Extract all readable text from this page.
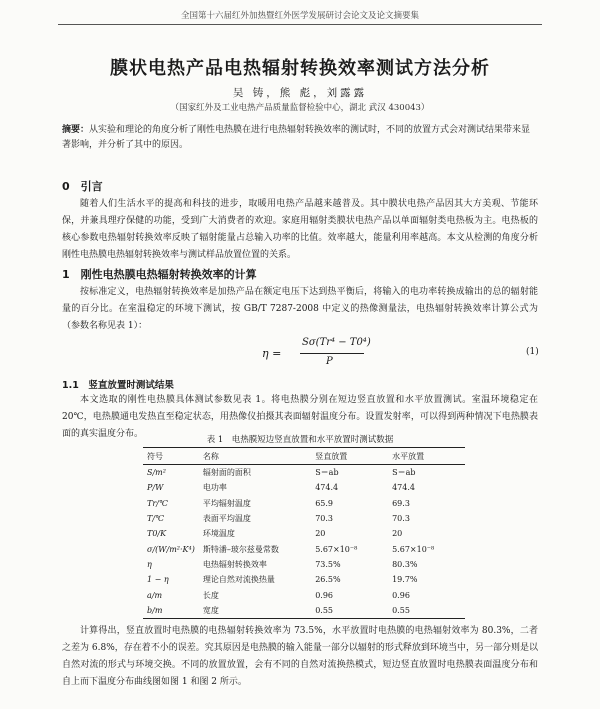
全国第十六届红外加热暨红外医学发展研讨会论文及论文摘要集
膜状电热产品电热辐射转换效率测试方法分析
吴 铸，熊 彪，刘露露
（国家红外及工业电热产品质量监督检验中心，湖北 武汉 430043）
摘要：从实验和理论的角度分析了刚性电热膜在进行电热辐射转换效率的测试时，不同的放置方式会对测试结果带来显著影响，并分析了其中的原因。
0　引言
随着人们生活水平的提高和科技的进步，取暖用电热产品越来越普及。其中膜状电热产品因其大方美观、节能环保，并兼具理疗保健的功能，受到广大消费者的欢迎。家庭用辐射类膜状电热产品以单面辐射类电热板为主。电热板的核心参数电热辐射转换效率反映了辐射能量占总输入功率的比值。效率越大，能量利用率越高。本文从检测的角度分析刚性电热膜电热辐射转换效率与测试样品放置位置的关系。
1　刚性电热膜电热辐射转换效率的计算
按标准定义，电热辐射转换效率是加热产品在额定电压下达到热平衡后，将输入的电功率转换成输出的总的辐射能量的百分比。在室温稳定的环境下测试，按 GB/T 7287-2008 中定义的热像测量法，电热辐射转换效率计算公式为（参数名称见表 1）：
η =
Sσ(Tr⁴ − T0⁴)
P
(1)
1.1　竖直放置时测试结果
本文选取的刚性电热膜具体测试参数见表 1。将电热膜分别在短边竖直放置和水平放置测试。室温环境稳定在 20℃，电热膜通电发热直至稳定状态，用热像仪拍摄其表面辐射温度分布。设置发射率，可以得到两种情况下电热膜表面的真实温度分布。
表 1　电热膜短边竖直放置和水平放置时测试数据
符号	名称	竖直放置	水平放置
S/m²	辐射面的面积	S＝ab	S＝ab
P/W	电功率	474.4	474.4
Tr/℃	平均辐射温度	65.9	69.3
T/℃	表面平均温度	70.3	70.3
T0/K	环境温度	20	20
σ/(W/m²·K⁴)	斯特潘–玻尔兹曼常数	5.67×10⁻⁸	5.67×10⁻⁸
η	电热辐射转换效率	73.5%	80.3%
1 − η	理论自然对流换热量	26.5%	19.7%
a/m	长度	0.96	0.96
b/m	宽度	0.55	0.55
计算得出，竖直放置时电热膜的电热辐射转换效率为 73.5%，水平放置时电热膜的电热辐射效率为 80.3%，二者之差为 6.8%，存在着不小的误差。究其原因是电热膜的输入能量一部分以辐射的形式释放到环境当中，另一部分则是以自然对流的形式与环境交换。不同的放置放置，会有不同的自然对流换热模式，短边竖直放置时电热膜表面温度分布和自上而下温度分布曲线图如图 1 和图 2 所示。
